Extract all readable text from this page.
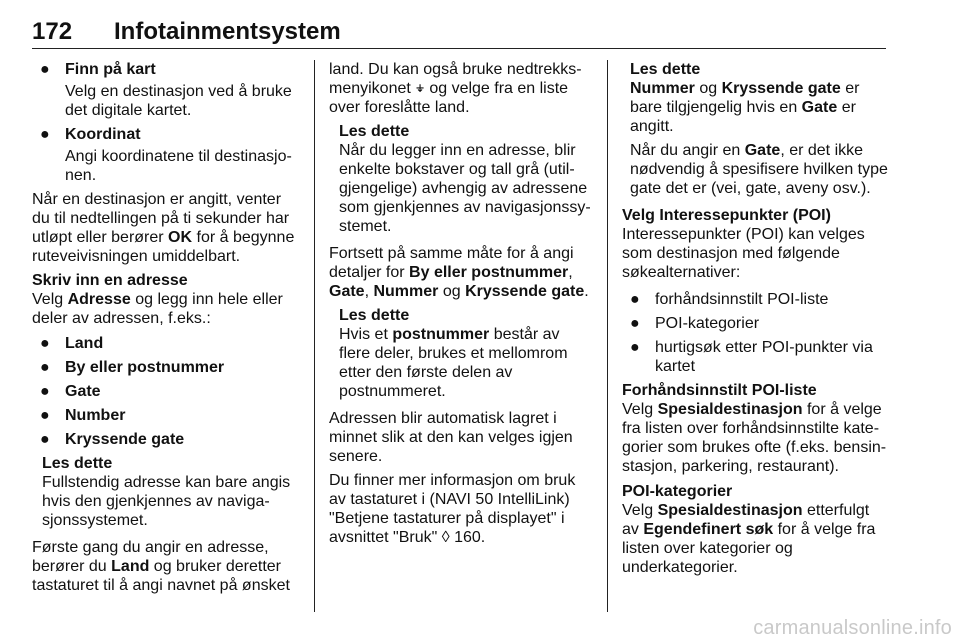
172 Infotainmentsystem
● Finn på kart
Velg en destinasjon ved å bruke det digitale kartet.
● Koordinat
Angi koordinatene til destinasjonen.

Når en destinasjon er angitt, venter du til nedtellingen på ti sekunder har utløpt eller berører OK for å begynne ruteveivisningen umiddelbart.

Skriv inn en adresse
Velg Adresse og legg inn hele eller deler av adressen, f.eks.:
● Land
● By eller postnummer
● Gate
● Number
● Kryssende gate
Les dette
Fullstendig adresse kan bare angis hvis den gjenkjennes av navigasjonssystemet.

Første gang du angir en adresse, berører du Land og bruker deretter tastaturet til å angi navnet på ønsket

land. Du kan også bruke nedtrekksmenyikonet ⍖ og velge fra en liste over foreslåtte land.

Les dette
Når du legger inn en adresse, blir enkelte bokstaver og tall grå (utilgjengelige) avhengig av adressene som gjenkjennes av navigasjonssystemet.

Fortsett på samme måte for å angi detaljer for By eller postnummer, Gate, Nummer og Kryssende gate.

Les dette
Hvis et postnummer består av flere deler, brukes et mellomrom etter den første delen av postnummeret.

Adressen blir automatisk lagret i minnet slik at den kan velges igjen senere.

Du finner mer informasjon om bruk av tastaturet i (NAVI 50 IntelliLink) "Betjene tastaturer på displayet" i avsnittet "Bruk" ◊ 160.

Les dette
Nummer og Kryssende gate er bare tilgjengelig hvis en Gate er angitt.
Når du angir en Gate, er det ikke nødvendig å spesifisere hvilken type gate det er (vei, gate, aveny osv.).
Velg Interessepunkter (POI)
Interessepunkter (POI) kan velges som destinasjon med følgende søkealternativer:
● forhåndsinnstilt POI-liste
● POI-kategorier
● hurtigsøk etter POI-punkter via kartet
Forhåndsinnstilt POI-liste
Velg Spesialdestinasjon for å velge fra listen over forhåndsinnstilte kategorier som brukes ofte (f.eks. bensinstasjon, parkering, restaurant).
POI-kategorier
Velg Spesialdestinasjon etterfulgt av Egendefinert søk for å velge fra listen over kategorier og underkategorier.
carmanualsonline.info
